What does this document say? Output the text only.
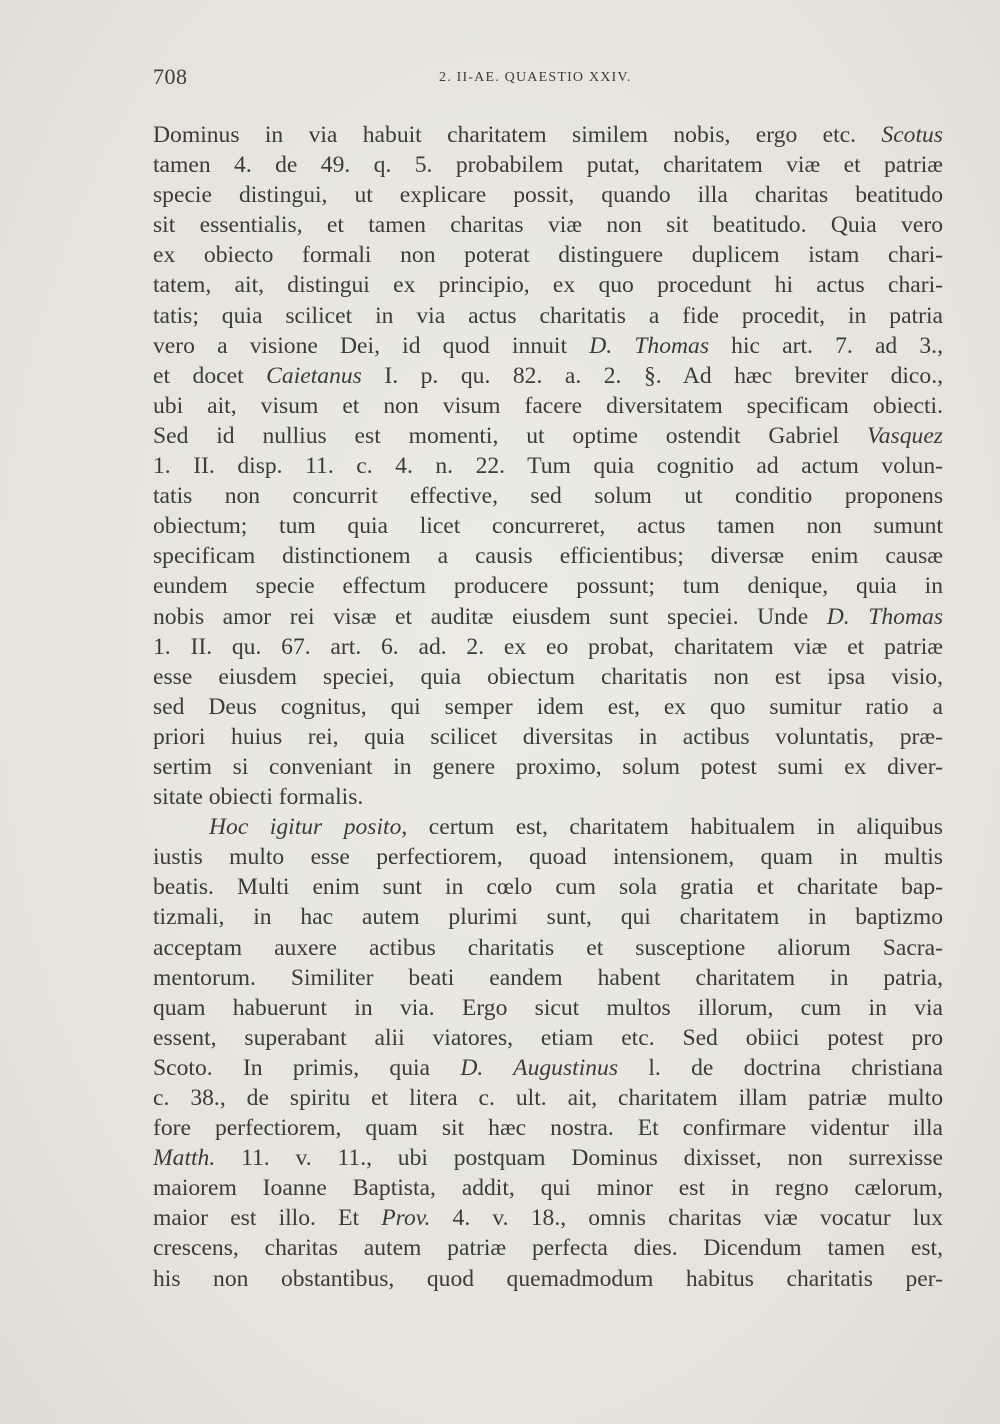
708	2. II-AE. QUAESTIO XXIV.
Dominus in via habuit charitatem similem nobis, ergo etc. Scotus
tamen 4. de 49. q. 5. probabilem putat, charitatem viæ et patriæ
specie distingui, ut explicare possit, quando illa charitas beatitudo
sit essentialis, et tamen charitas viæ non sit beatitudo. Quia vero
ex obiecto formali non poterat distinguere duplicem istam chari-
tatem, ait, distingui ex principio, ex quo procedunt hi actus chari-
tatis; quia scilicet in via actus charitatis a fide procedit, in patria
vero a visione Dei, id quod innuit D. Thomas hic art. 7. ad 3.,
et docet Caietanus I. p. qu. 82. a. 2. §. Ad hæc breviter dico.,
ubi ait, visum et non visum facere diversitatem specificam obiecti.
Sed id nullius est momenti, ut optime ostendit Gabriel Vasquez
1. II. disp. 11. c. 4. n. 22. Tum quia cognitio ad actum volun-
tatis non concurrit effective, sed solum ut conditio proponens
obiectum; tum quia licet concurreret, actus tamen non sumunt
specificam distinctionem a causis efficientibus; diversæ enim causæ
eundem specie effectum producere possunt; tum denique, quia in
nobis amor rei visæ et auditæ eiusdem sunt speciei. Unde D. Thomas
1. II. qu. 67. art. 6. ad. 2. ex eo probat, charitatem viæ et patriæ
esse eiusdem speciei, quia obiectum charitatis non est ipsa visio,
sed Deus cognitus, qui semper idem est, ex quo sumitur ratio a
priori huius rei, quia scilicet diversitas in actibus voluntatis, præ-
sertim si conveniant in genere proximo, solum potest sumi ex diver-
sitate obiecti formalis.
Hoc igitur posito, certum est, charitatem habitualem in aliquibus
iustis multo esse perfectiorem, quoad intensionem, quam in multis
beatis. Multi enim sunt in cœlo cum sola gratia et charitate bap-
tizmali, in hac autem plurimi sunt, qui charitatem in baptizmo
acceptam auxere actibus charitatis et susceptione aliorum Sacra-
mentorum. Similiter beati eandem habent charitatem in patria,
quam habuerunt in via. Ergo sicut multos illorum, cum in via
essent, superabant alii viatores, etiam etc. Sed obiici potest pro
Scoto. In primis, quia D. Augustinus l. de doctrina christiana
c. 38., de spiritu et litera c. ult. ait, charitatem illam patriæ multo
fore perfectiorem, quam sit hæc nostra. Et confirmare videntur illa
Matth. 11. v. 11., ubi postquam Dominus dixisset, non surrexisse
maiorem Ioanne Baptista, addit, qui minor est in regno cælorum,
maior est illo. Et Prov. 4. v. 18., omnis charitas viæ vocatur lux
crescens, charitas autem patriæ perfecta dies. Dicendum tamen est,
his non obstantibus, quod quemadmodum habitus charitatis per-
